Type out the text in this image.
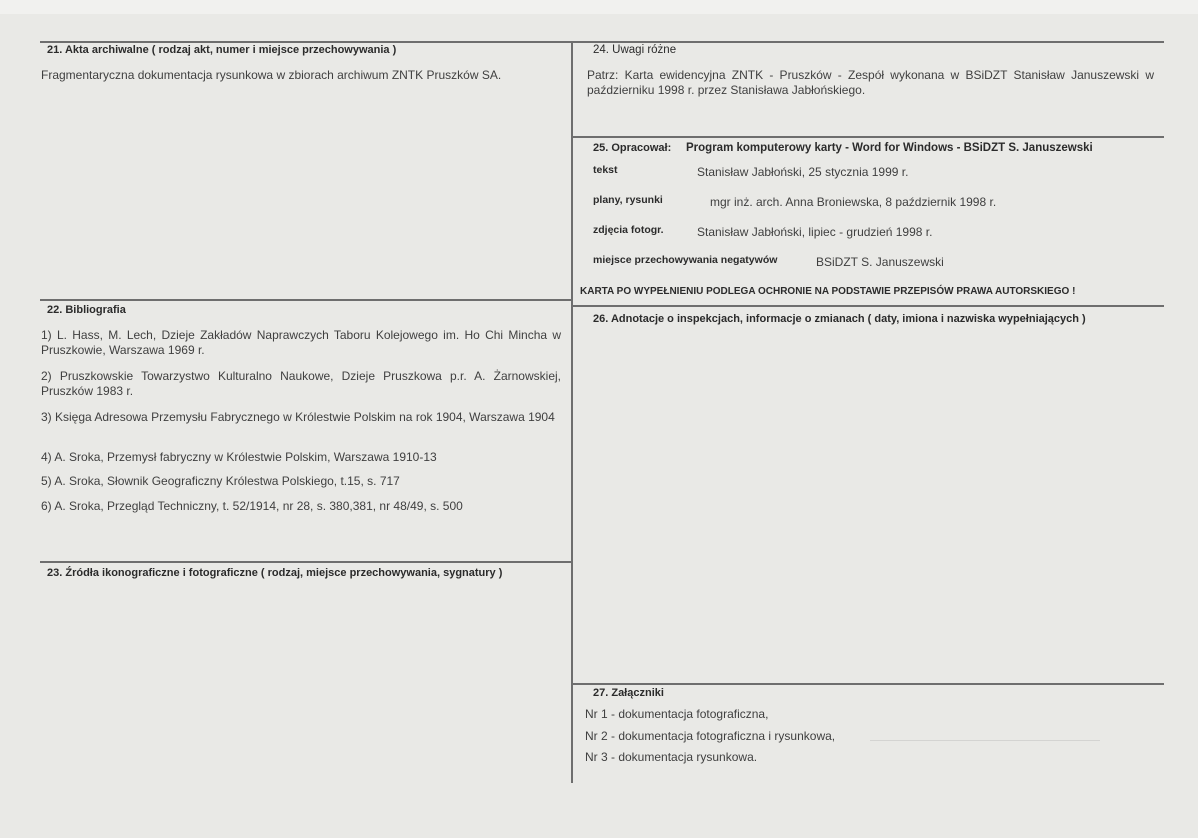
21. Akta archiwalne ( rodzaj akt, numer i miejsce przechowywania )
Fragmentaryczna dokumentacja rysunkowa w zbiorach archiwum ZNTK Pruszków SA.
22. Bibliografia
1) L. Hass, M. Lech, Dzieje Zakładów Naprawczych Taboru Kolejowego im. Ho Chi Mincha w Pruszkowie, Warszawa 1969 r.
2) Pruszkowskie Towarzystwo Kulturalno Naukowe, Dzieje Pruszkowa p.r. A. Żarnowskiej, Pruszków 1983 r.
3) Księga Adresowa Przemysłu Fabrycznego w Królestwie Polskim na rok 1904, Warszawa 1904
4) A. Sroka, Przemysł fabryczny w Królestwie Polskim, Warszawa 1910-13
5) A. Sroka, Słownik Geograficzny Królestwa Polskiego, t.15, s. 717
6) A. Sroka, Przegląd Techniczny, t. 52/1914, nr 28, s. 380,381, nr 48/49, s. 500
23. Źródła ikonograficzne i fotograficzne ( rodzaj, miejsce przechowywania, sygnatury )
24. Uwagi różne
Patrz: Karta ewidencyjna ZNTK - Pruszków - Zespół wykonana w BSiDZT Stanisław Januszewski w październiku 1998 r. przez Stanisława Jabłońskiego.
25. Opracował: Program komputerowy karty - Word for Windows - BSiDZT S. Januszewski
tekst	Stanisław Jabłoński, 25 stycznia 1999 r.
plany, rysunki	mgr inż. arch. Anna Broniewska, 8 październik 1998 r.
zdjęcia fotogr.	Stanisław Jabłoński, lipiec - grudzień 1998 r.
miejsce przechowywania negatywów	BSiDZT S. Januszewski
KARTA PO WYPEŁNIENIU PODLEGA OCHRONIE NA PODSTAWIE PRZEPISÓW PRAWA AUTORSKIEGO !
26. Adnotacje o inspekcjach, informacje o zmianach ( daty, imiona i nazwiska wypełniających )
27. Załączniki
Nr 1 - dokumentacja fotograficzna,
Nr 2 - dokumentacja fotograficzna i rysunkowa,
Nr 3 - dokumentacja rysunkowa.
